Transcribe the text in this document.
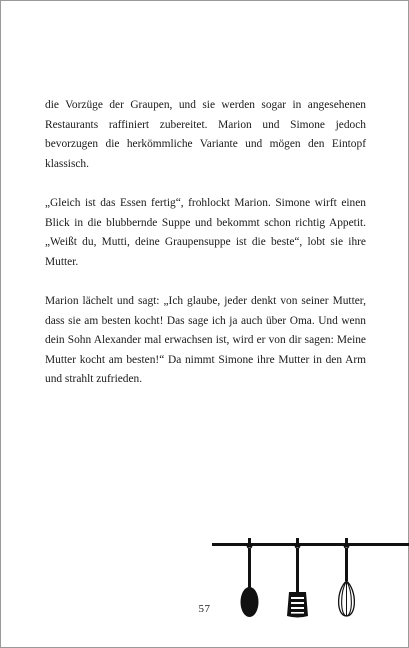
die Vorzüge der Graupen, und sie werden sogar in angesehenen Restaurants raffiniert zubereitet. Marion und Simone jedoch bevorzugen die herkömmliche Variante und mögen den Eintopf klassisch.

„Gleich ist das Essen fertig“, frohlockt Marion. Simone wirft einen Blick in die blubbernde Suppe und bekommt schon richtig Appetit. „Weißt du, Mutti, deine Graupensuppe ist die beste“, lobt sie ihre Mutter.

Marion lächelt und sagt: „Ich glaube, jeder denkt von seiner Mutter, dass sie am besten kocht! Das sage ich ja auch über Oma. Und wenn dein Sohn Alexander mal erwachsen ist, wird er von dir sagen: Meine Mutter kocht am besten!“ Da nimmt Simone ihre Mutter in den Arm und strahlt zufrieden.

57
